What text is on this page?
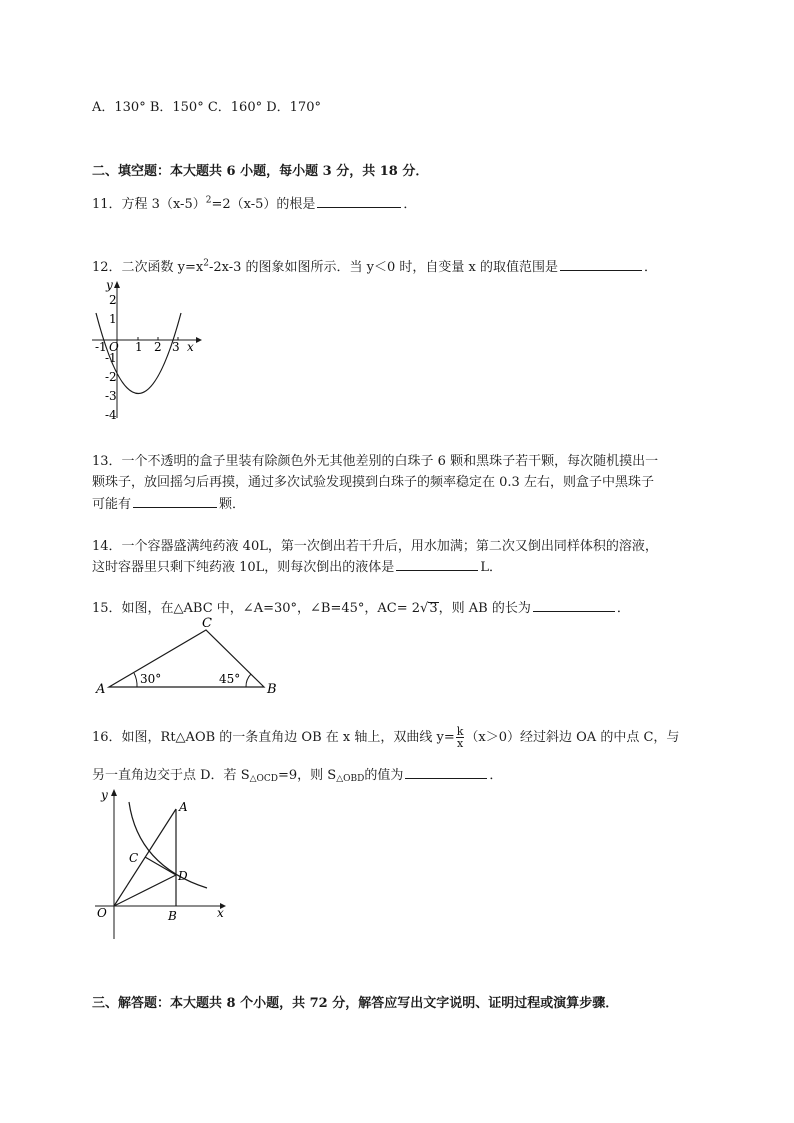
A．130° B．150° C．160° D．170°
二、填空题：本大题共 6 小题，每小题 3 分，共 18 分．
11．方程 $3(x-5)^2=2(x-5)$的根是	．
12．二次函数 $y=x^2-2x-3$ 的图象如图所示．当 y＜0 时，自变量 x 的取值范围是	．
x
y
O
-1 1 2 3
2
1
-1
-2
-3
-4
13．一个不透明的盒子里装有除颜色外无其他差别的白珠子 6 颗和黑珠子若干颗，每次随机摸出一
颗珠子，放回摇匀后再摸，通过多次试验发现摸到白珠子的频率稳定在 0.3 左右，则盒子中黑珠子
可能有	颗．
14．一个容器盛满纯药液 40L，第一次倒出若干升后，用水加满；第二次又倒出同样体积的溶液，
这时容器里只剩下纯药液 10L，则每次倒出的液体是	L．
15．如图，在△ABC 中，∠A=30°，∠B=45°，AC= 2√3，则 AB 的长为	．
A	B
C
30°	45°
16．如图，Rt△AOB 的一条直角边 OB 在 x 轴上，双曲线 $y= \frac{k}{x} (x>0)$经过斜边 OA 的中点 C，与
另一直角边交于点 D．若 $S_{\triangle OCD}=9$，则 $S_{\triangle OBD}$的值为	．
x
y
O
A
B
C
D
三、解答题：本大题共 8 个小题，共 72 分，解答应写出文字说明、证明过程或演算步骤．
